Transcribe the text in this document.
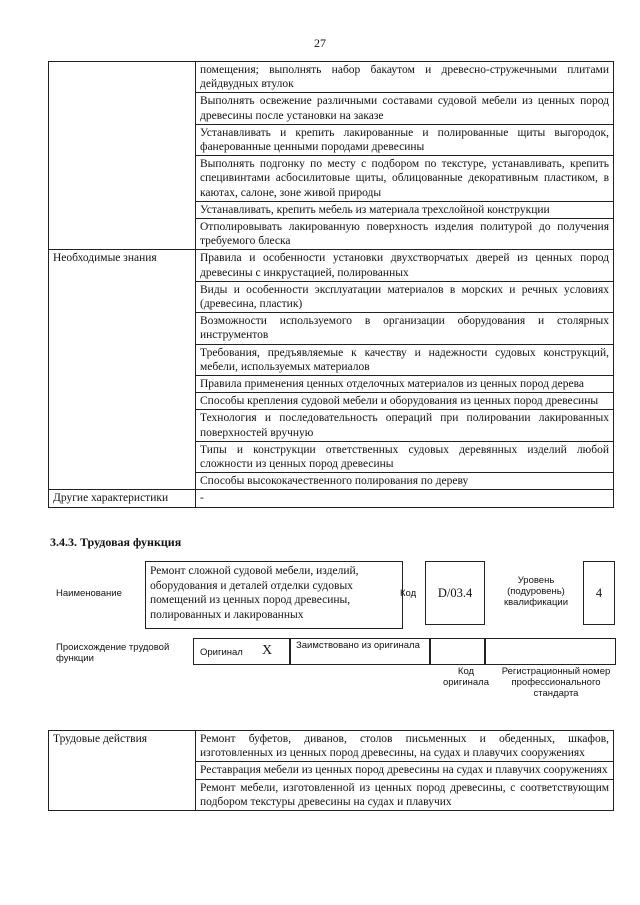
27
	помещения; выполнять набор бакаутом и древесно-стружечными плитами дейдвудных втулок
	Выполнять освежение различными составами судовой мебели из ценных пород древесины после установки на заказе
	Устанавливать и крепить лакированные и полированные щиты выгородок, фанерованные ценными породами древесины
	Выполнять подгонку по месту с подбором по текстуре, устанавливать, крепить специвинтами асбосилитовые щиты, облицованные декоративным пластиком, в каютах, салоне, зоне живой природы
	Устанавливать, крепить мебель из материала трехслойной конструкции
	Отполировывать лакированную поверхность изделия политурой до получения требуемого блеска
Необходимые знания	Правила и особенности установки двухстворчатых дверей из ценных пород древесины с инкрустацией, полированных
	Виды и особенности эксплуатации материалов в морских и речных условиях (древесина, пластик)
	Возможности используемого в организации оборудования и столярных инструментов
	Требования, предъявляемые к качеству и надежности судовых конструкций, мебели, используемых материалов
	Правила применения ценных отделочных материалов из ценных пород дерева
	Способы крепления судовой мебели и оборудования из ценных пород древесины
	Технология и последовательность операций при полировании лакированных поверхностей вручную
	Типы и конструкции ответственных судовых деревянных изделий любой сложности из ценных пород древесины
	Способы высококачественного полирования по дереву
Другие характеристики	-
3.4.3. Трудовая функция
Наименование
Ремонт сложной судовой мебели, изделий, оборудования и деталей отделки судовых помещений из ценных пород древесины, полированных и лакированных
Код	D/03.4
Уровень (подуровень) квалификации
4
Происхождение трудовой функции
Оригинал X	Заимствовано из оригинала
Код оригинала
Регистрационный номер профессионального стандарта
Трудовые действия	Ремонт буфетов, диванов, столов письменных и обеденных, шкафов, изготовленных из ценных пород древесины, на судах и плавучих сооружениях
Реставрация мебели из ценных пород древесины на судах и плавучих сооружениях
Ремонт мебели, изготовленной из ценных пород древесины, с соответствующим подбором текстуры древесины на судах и плавучих
